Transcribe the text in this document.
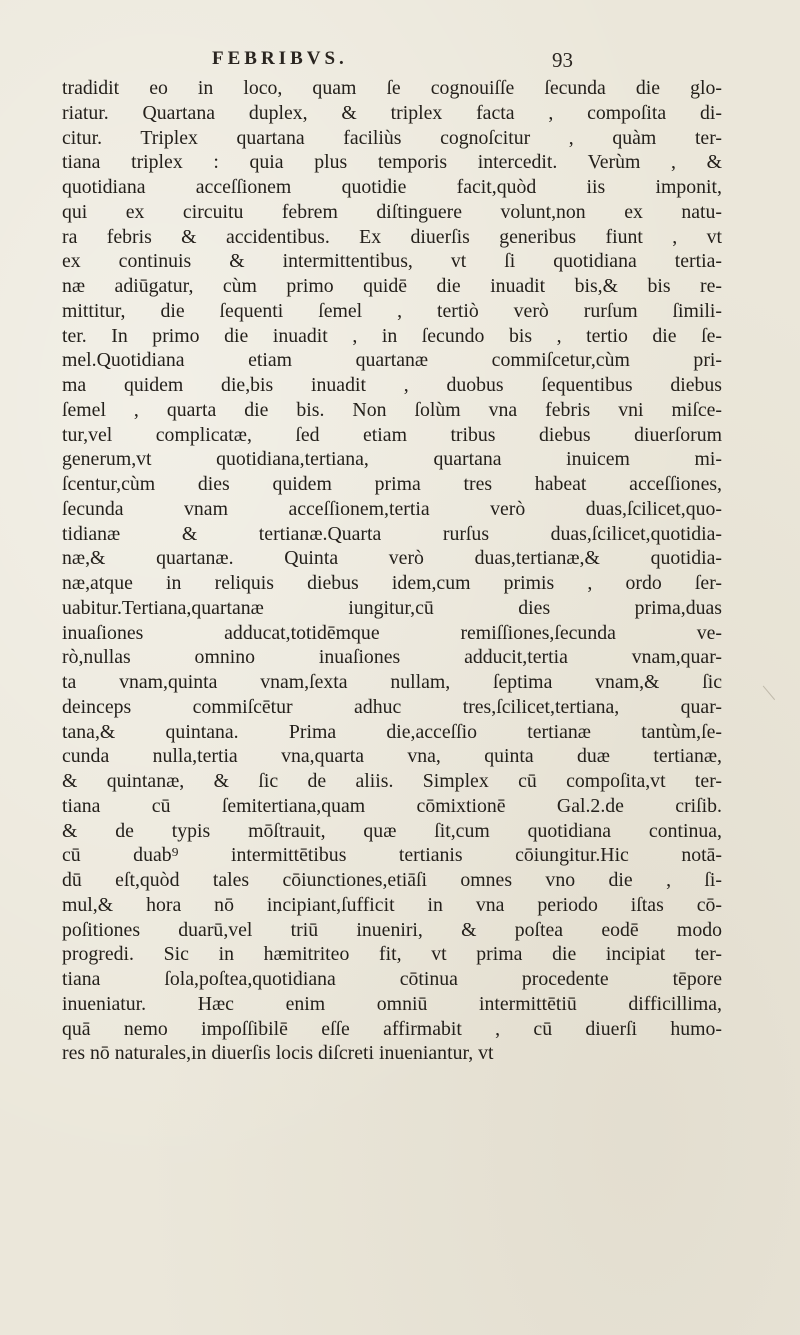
FEBRIBVS.	93
tradidit eo in loco, quam ſe cognouiſſe ſecunda die glo-
riatur. Quartana duplex, & triplex facta , compoſita di-
citur. Triplex quartana faciliùs cognoſcitur , quàm ter-
tiana triplex : quia plus temporis intercedit. Verùm , &
quotidiana acceſſionem quotidie facit,quòd iis imponit,
qui ex circuitu febrem diſtinguere volunt,non ex natu-
ra febris & accidentibus. Ex diuerſis generibus fiunt , vt
ex continuis & intermittentibus, vt ſi quotidiana tertia-
næ adiūgatur, cùm primo quidē die inuadit bis,& bis re-
mittitur, die ſequenti ſemel , tertiò verò rurſum ſimili-
ter. In primo die inuadit , in ſecundo bis , tertio die ſe-
mel.Quotidiana etiam quartanæ commiſcetur,cùm pri-
ma quidem die,bis inuadit , duobus ſequentibus diebus
ſemel , quarta die bis. Non ſolùm vna febris vni miſce-
tur,vel complicatæ, ſed etiam tribus diebus diuerſorum
generum,vt quotidiana,tertiana, quartana inuicem mi-
ſcentur,cùm dies quidem prima tres habeat acceſſiones,
ſecunda vnam acceſſionem,tertia verò duas,ſcilicet,quo-
tidianæ & tertianæ.Quarta rurſus duas,ſcilicet,quotidia-
næ,& quartanæ. Quinta verò duas,tertianæ,& quotidia-
næ,atque in reliquis diebus idem,cum primis , ordo ſer-
uabitur.Tertiana,quartanæ iungitur,cū dies prima,duas
inuaſiones adducat,totidēmque remiſſiones,ſecunda ve-
rò,nullas omnino inuaſiones adducit,tertia vnam,quar-
ta vnam,quinta vnam,ſexta nullam, ſeptima vnam,& ſic
deinceps commiſcētur adhuc tres,ſcilicet,tertiana, quar-
tana,& quintana. Prima die,acceſſio tertianæ tantùm,ſe-
cunda nulla,tertia vna,quarta vna, quinta duæ tertianæ,
& quintanæ, & ſic de aliis. Simplex cū compoſita,vt ter-
tiana cū ſemitertiana,quam cōmixtionē Gal.2.de criſib.
& de typis mōſtrauit, quæ ſit,cum quotidiana continua,
cū duab⁹ intermittētibus tertianis cōiungitur.Hic notā-
dū eſt,quòd tales cōiunctiones,etiāſi omnes vno die , ſi-
mul,& hora nō incipiant,ſufficit in vna periodo iſtas cō-
poſitiones duarū,vel triū inueniri, & poſtea eodē modo
progredi. Sic in hæmitriteo fit, vt prima die incipiat ter-
tiana ſola,poſtea,quotidiana cōtinua procedente tēpore
inueniatur. Hæc enim omniū intermittētiū difficillima,
quā nemo impoſſibilē eſſe affirmabit , cū diuerſi humo-
res nō naturales,in diuerſis locis diſcreti inueniantur, vt
